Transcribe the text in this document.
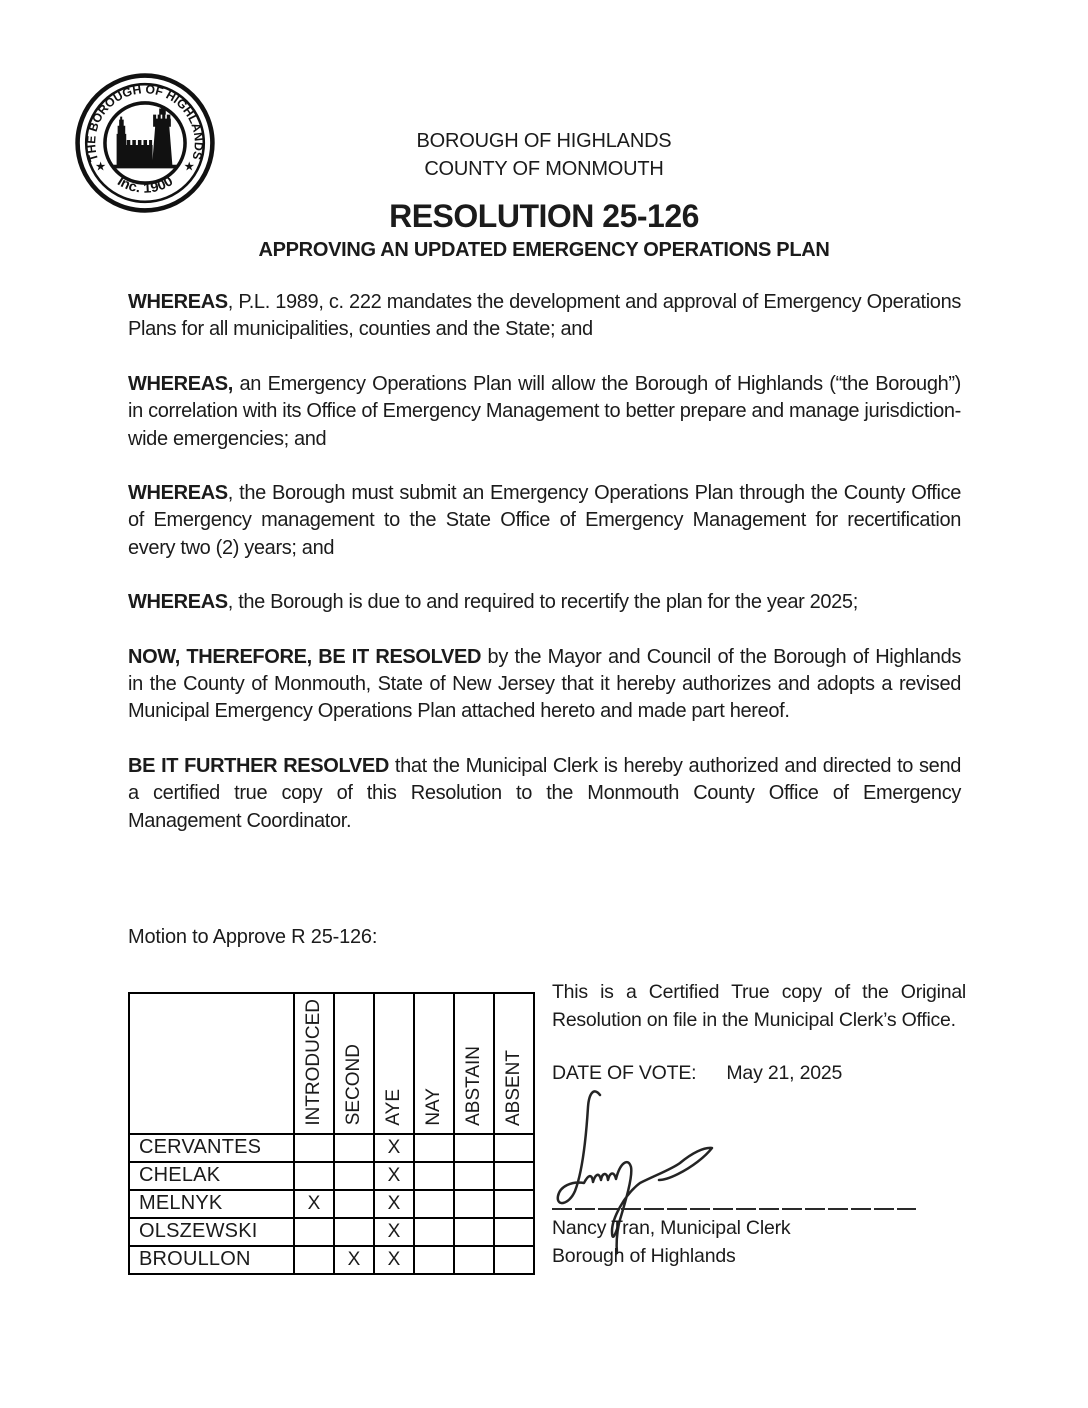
THE BOROUGH OF HIGHLANDS
Inc. 1900
★	★
BOROUGH OF HIGHLANDS
COUNTY OF MONMOUTH
RESOLUTION 25-126
APPROVING AN UPDATED EMERGENCY OPERATIONS PLAN

WHEREAS, P.L. 1989, c. 222 mandates the development and approval of Emergency Operations Plans for all municipalities, counties and the State; and

WHEREAS, an Emergency Operations Plan will allow the Borough of Highlands (“the Borough”) in correlation with its Office of Emergency Management to better prepare and manage jurisdiction-wide emergencies; and

WHEREAS, the Borough must submit an Emergency Operations Plan through the County Office of Emergency management to the State Office of Emergency Management for recertification every two (2) years; and

WHEREAS, the Borough is due to and required to recertify the plan for the year 2025;

NOW, THEREFORE, BE IT RESOLVED by the Mayor and Council of the Borough of Highlands in the County of Monmouth, State of New Jersey that it hereby authorizes and adopts a revised Municipal Emergency Operations Plan attached hereto and made part hereof.

BE IT FURTHER RESOLVED that the Municipal Clerk is hereby authorized and directed to send a certified true copy of this Resolution to the Monmouth County Office of Emergency Management Coordinator.

Motion to Approve R 25-126:
	INTRODUCED	SECOND	AYE	NAY	ABSTAIN	ABSENT
CERVANTES			X			
CHELAK			X			
MELNYK	X		X			
OLSZEWSKI			X			
BROULLON		X	X			

This is a Certified True copy of the Original Resolution on file in the Municipal Clerk’s Office.

DATE OF VOTE: May 21, 2025
Nancy Tran, Municipal Clerk
Borough of Highlands
